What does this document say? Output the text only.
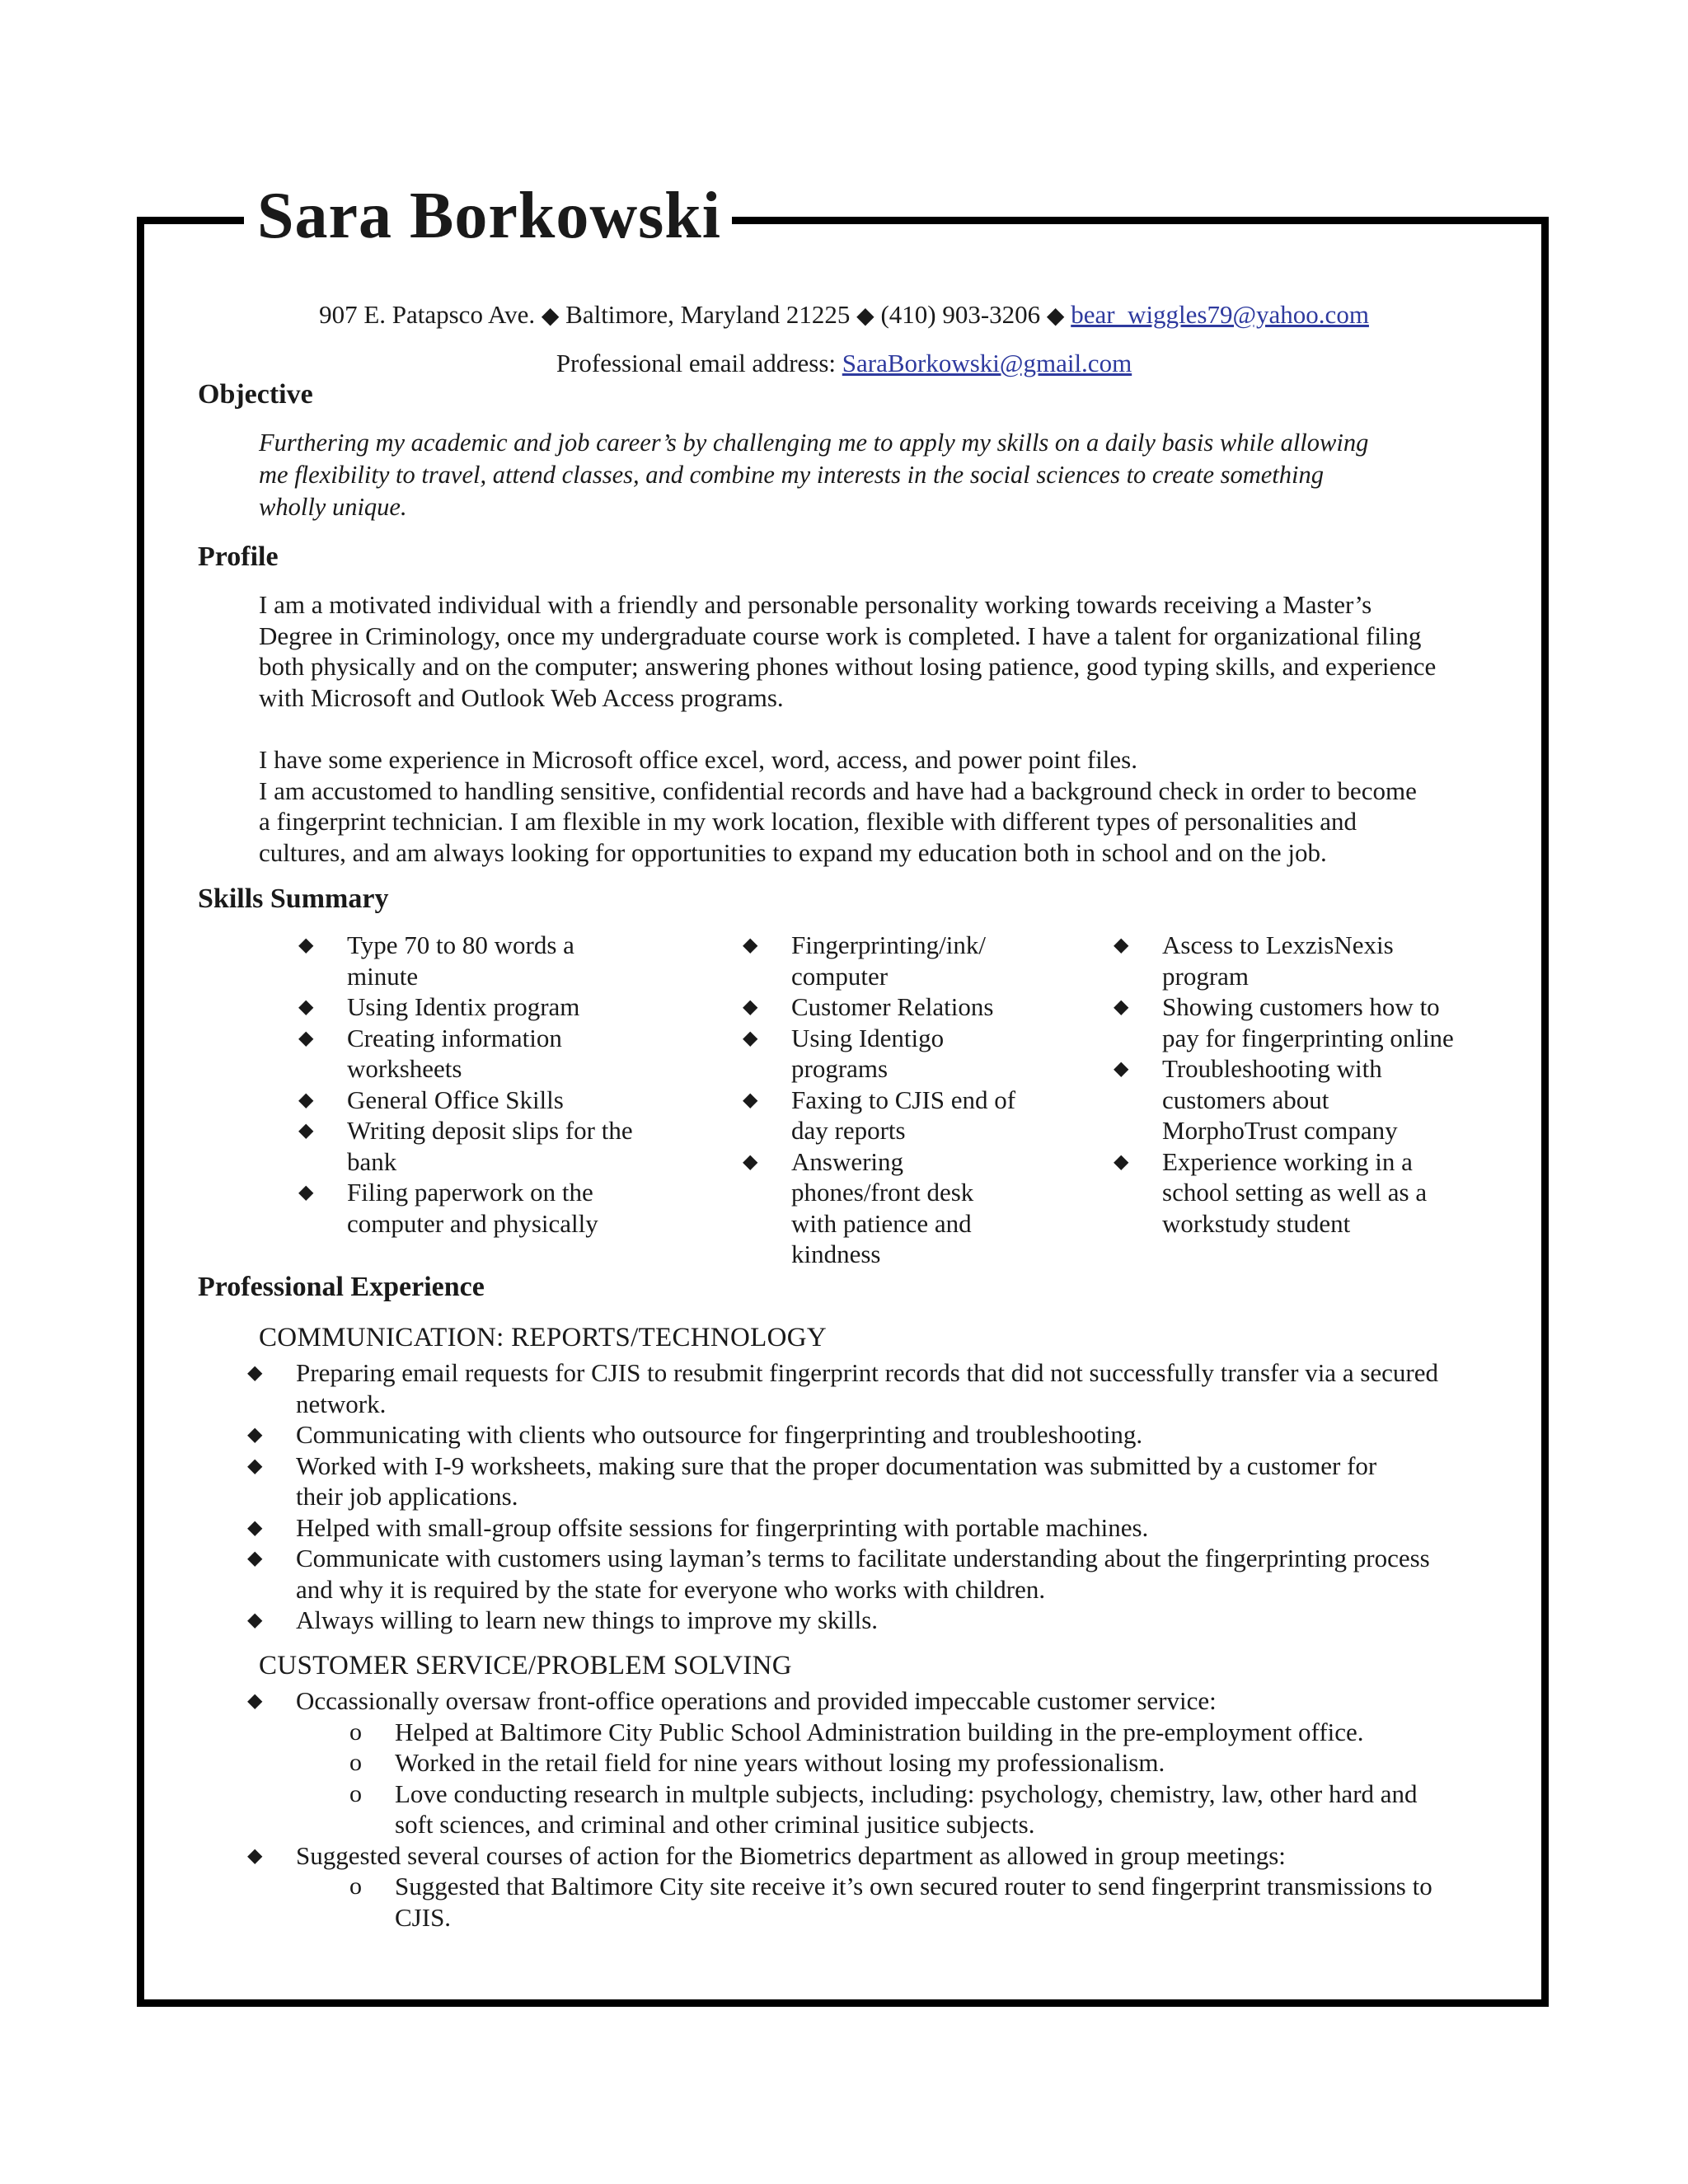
Sara Borkowski
907 E. Patapsco Ave. ◆ Baltimore, Maryland 21225 ◆ (410) 903-3206 ◆ bear_wiggles79@yahoo.com
Professional email address: SaraBorkowski@gmail.com
Objective

Furthering my academic and job career’s by challenging me to apply my skills on a daily basis while allowing
me flexibility to travel, attend classes, and combine my interests in the social sciences to create something
wholly unique.

Profile

I am a motivated individual with a friendly and personable personality working towards receiving a Master’s
Degree in Criminology, once my undergraduate course work is completed. I have a talent for organizational filing
both physically and on the computer; answering phones without losing patience, good typing skills, and experience
with Microsoft and Outlook Web Access programs.

I have some experience in Microsoft office excel, word, access, and power point files.
I am accustomed to handling sensitive, confidential records and have had a background check in order to become
a fingerprint technician. I am flexible in my work location, flexible with different types of personalities and
cultures, and am always looking for opportunities to expand my education both in school and on the job.

Skills Summary
◆ Type 70 to 80 words a
minute
◆ Using Identix program
◆ Creating information
worksheets
◆ General Office Skills
◆ Writing deposit slips for the
bank
◆ Filing paperwork on the
computer and physically
◆ Fingerprinting/ink/
computer
◆ Customer Relations
◆ Using Identigo
programs
◆ Faxing to CJIS end of
day reports
◆ Answering
phones/front desk
with patience and
kindness
◆ Ascess to LexzisNexis
program
◆ Showing customers how to
pay for fingerprinting online
◆ Troubleshooting with
customers about
MorphoTrust company
◆ Experience working in a
school setting as well as a
workstudy student
Professional Experience

COMMUNICATION: REPORTS/TECHNOLOGY

◆ Preparing email requests for CJIS to resubmit fingerprint records that did not successfully transfer via a secured
network.
◆ Communicating with clients who outsource for fingerprinting and troubleshooting.
◆ Worked with I-9 worksheets, making sure that the proper documentation was submitted by a customer for
their job applications.
◆ Helped with small-group offsite sessions for fingerprinting with portable machines.
◆ Communicate with customers using layman’s terms to facilitate understanding about the fingerprinting process
and why it is required by the state for everyone who works with children.
◆ Always willing to learn new things to improve my skills.

CUSTOMER SERVICE/PROBLEM SOLVING

◆ Occassionally oversaw front-office operations and provided impeccable customer service:
o Helped at Baltimore City Public School Administration building in the pre-employment office.
o Worked in the retail field for nine years without losing my professionalism.
o Love conducting research in multple subjects, including: psychology, chemistry, law, other hard and
soft sciences, and criminal and other criminal jusitice subjects.
◆ Suggested several courses of action for the Biometrics department as allowed in group meetings:
o Suggested that Baltimore City site receive it’s own secured router to send fingerprint transmissions to
CJIS.
